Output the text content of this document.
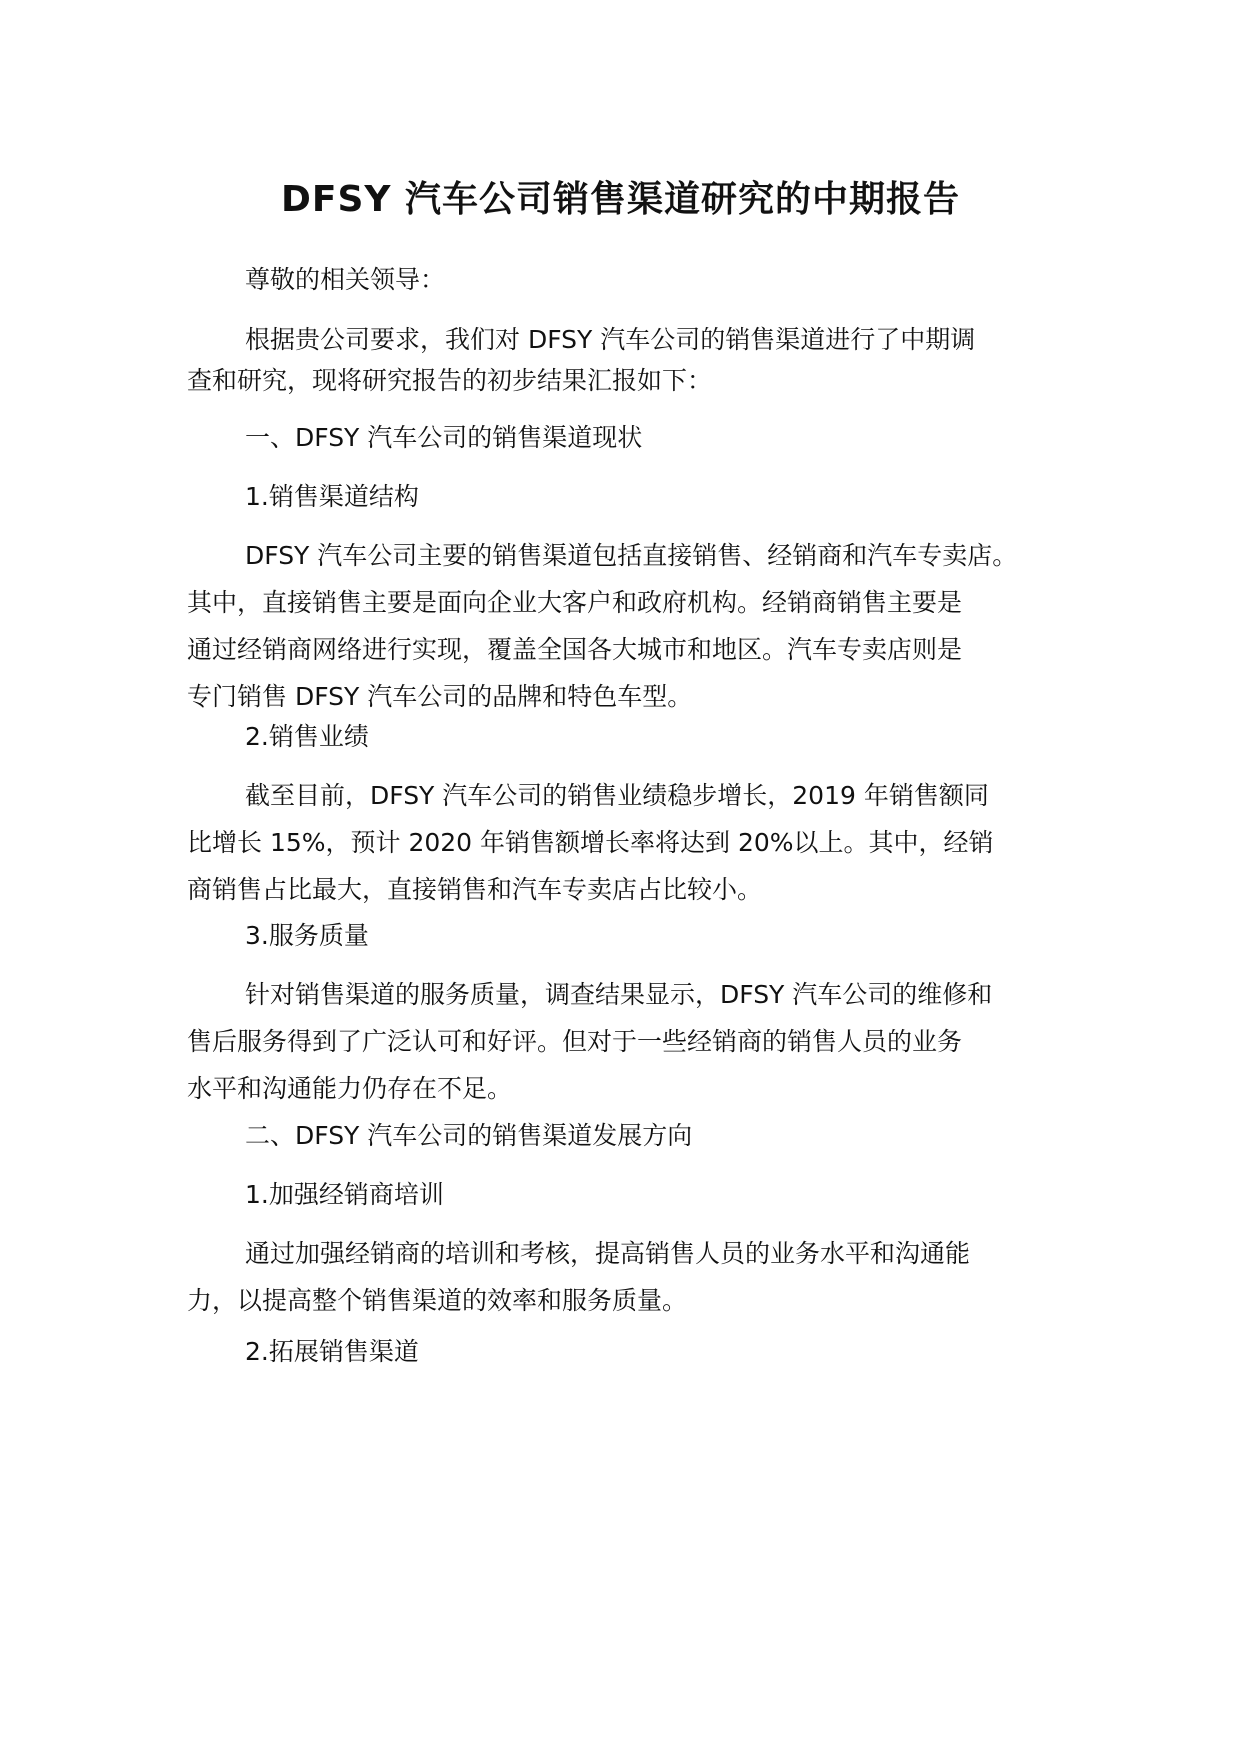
DFSY 汽车公司销售渠道研究的中期报告
尊敬的相关领导：
根据贵公司要求，我们对 DFSY 汽车公司的销售渠道进行了中期调
查和研究，现将研究报告的初步结果汇报如下：
一、DFSY 汽车公司的销售渠道现状
1.销售渠道结构
DFSY 汽车公司主要的销售渠道包括直接销售、经销商和汽车专卖店。
其中，直接销售主要是面向企业大客户和政府机构。经销商销售主要是
通过经销商网络进行实现，覆盖全国各大城市和地区。汽车专卖店则是
专门销售 DFSY 汽车公司的品牌和特色车型。
2.销售业绩
截至目前，DFSY 汽车公司的销售业绩稳步增长，2019 年销售额同
比增长 15%，预计 2020 年销售额增长率将达到 20%以上。其中，经销
商销售占比最大，直接销售和汽车专卖店占比较小。
3.服务质量
针对销售渠道的服务质量，调查结果显示，DFSY 汽车公司的维修和
售后服务得到了广泛认可和好评。但对于一些经销商的销售人员的业务
水平和沟通能力仍存在不足。
二、DFSY 汽车公司的销售渠道发展方向
1.加强经销商培训
通过加强经销商的培训和考核，提高销售人员的业务水平和沟通能
力，以提高整个销售渠道的效率和服务质量。
2.拓展销售渠道
